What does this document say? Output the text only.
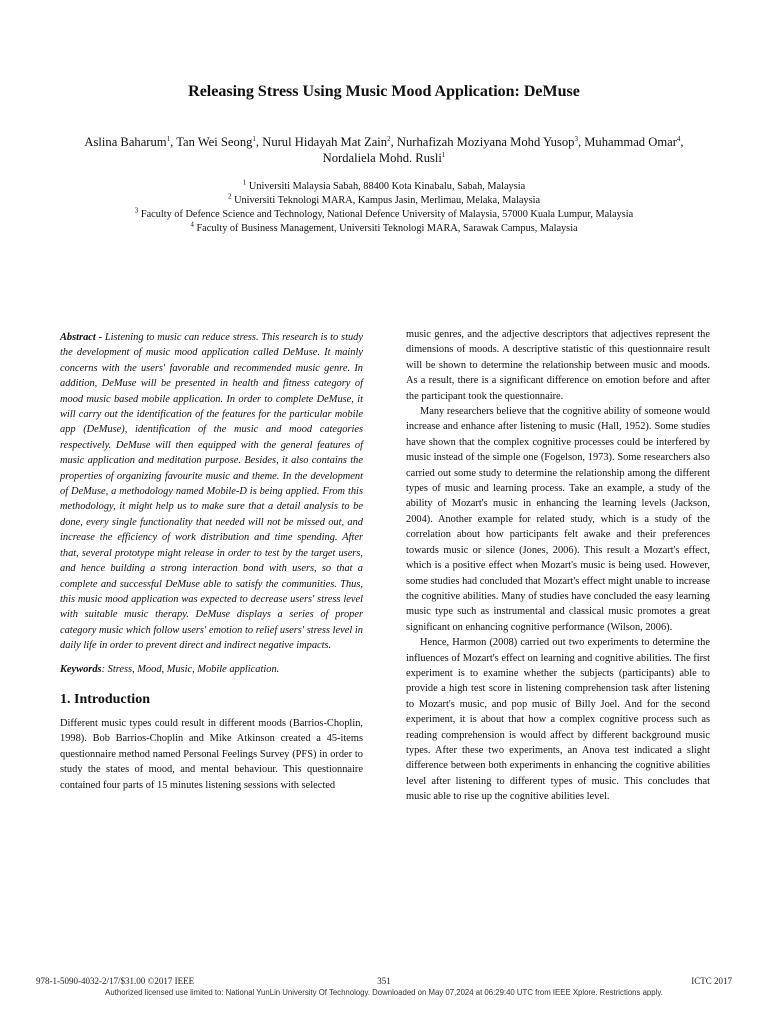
Releasing Stress Using Music Mood Application: DeMuse
Aslina Baharum$^1$, Tan Wei Seong$^1$, Nurul Hidayah Mat Zain$^2$, Nurhafizah Moziyana Mohd Yusop$^3$, Muhammad Omar$^4$, Nordaliela Mohd. Rusli$^1$
$^1$ Universiti Malaysia Sabah, 88400 Kota Kinabalu, Sabah, Malaysia
$^2$ Universiti Teknologi MARA, Kampus Jasin, Merlimau, Melaka, Malaysia
$^3$ Faculty of Defence Science and Technology, National Defence University of Malaysia, 57000 Kuala Lumpur, Malaysia
$^4$ Faculty of Business Management, Universiti Teknologi MARA, Sarawak Campus, Malaysia
Abstract - Listening to music can reduce stress. This research is to study the development of music mood application called DeMuse. It mainly concerns with the users' favorable and recommended music genre. In addition, DeMuse will be presented in health and fitness category of mood music based mobile application. In order to complete DeMuse, it will carry out the identification of the features for the particular mobile app (DeMuse), identification of the music and mood categories respectively. DeMuse will then equipped with the general features of music application and meditation purpose. Besides, it also contains the properties of organizing favourite music and theme. In the development of DeMuse, a methodology named Mobile-D is being applied. From this methodology, it might help us to make sure that a detail analysis to be done, every single functionality that needed will not be missed out, and increase the efficiency of work distribution and time spending. After that, several prototype might release in order to test by the target users, and hence building a strong interaction bond with users, so that a complete and successful DeMuse able to satisfy the communities. Thus, this music mood application was expected to decrease users' stress level with suitable music therapy. DeMuse displays a series of proper category music which follow users' emotion to relief users' stress level in daily life in order to prevent direct and indirect negative impacts.
Keywords: Stress, Mood, Music, Mobile application.
1. Introduction
Different music types could result in different moods (Barrios-Choplin, 1998). Bob Barrios-Choplin and Mike Atkinson created a 45-items questionnaire method named Personal Feelings Survey (PFS) in order to study the states of mood, and mental behaviour. This questionnaire contained four parts of 15 minutes listening sessions with selected
music genres, and the adjective descriptors that adjectives represent the dimensions of moods. A descriptive statistic of this questionnaire result will be shown to determine the relationship between music and moods. As a result, there is a significant difference on emotion before and after the participant took the questionnaire.
Many researchers believe that the cognitive ability of someone would increase and enhance after listening to music (Hall, 1952). Some studies have shown that the complex cognitive processes could be interfered by music instead of the simple one (Fogelson, 1973). Some researchers also carried out some study to determine the relationship among the different types of music and learning process. Take an example, a study of the ability of Mozart's music in enhancing the learning levels (Jackson, 2004). Another example for related study, which is a study of the correlation about how participants felt awake and their preferences towards music or silence (Jones, 2006). This result a Mozart's effect, which is a positive effect when Mozart's music is being used. However, some studies had concluded that Mozart's effect might unable to increase the cognitive abilities. Many of studies have concluded the easy learning music type such as instrumental and classical music promotes a great significant on enhancing cognitive performance (Wilson, 2006).
Hence, Harmon (2008) carried out two experiments to determine the influences of Mozart's effect on learning and cognitive abilities. The first experiment is to examine whether the subjects (participants) able to provide a high test score in listening comprehension task after listening to Mozart's music, and pop music of Billy Joel. And for the second experiment, it is about that how a complex cognitive process such as reading comprehension is would affect by different background music types. After these two experiments, an Anova test indicated a slight difference between both experiments in enhancing the cognitive abilities level after listening to different types of music. This concludes that music able to rise up the cognitive abilities level.
978-1-5090-4032-2/17/$31.00 ©2017 IEEE	351	ICTC 2017
Authorized licensed use limited to: National YunLin University Of Technology. Downloaded on May 07,2024 at 06:29:40 UTC from IEEE Xplore. Restrictions apply.
